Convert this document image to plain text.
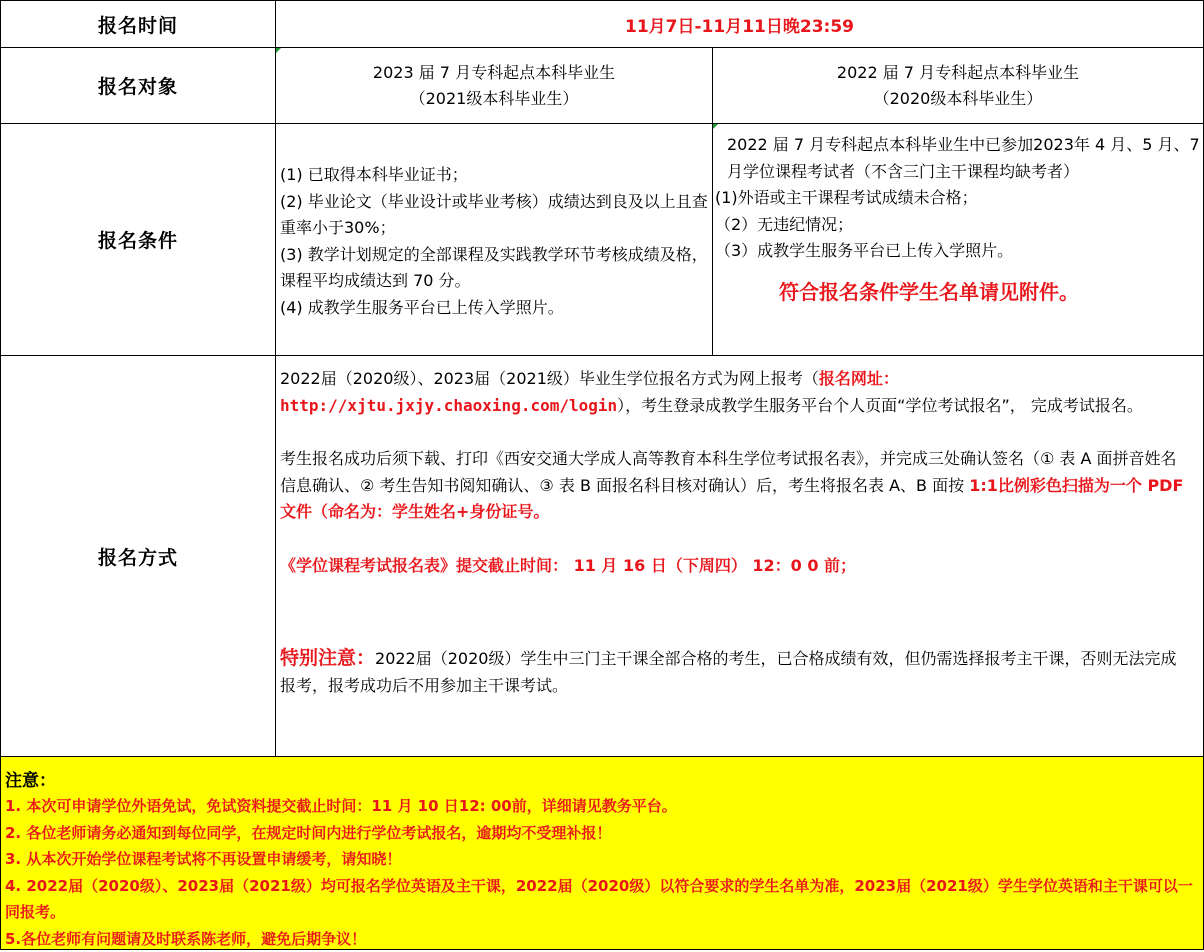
报名时间	11月7日-11月11日晚23:59
报名对象
2023 届 7 月专科起点本科毕业生
（2021级本科毕业生）
2022 届 7 月专科起点本科毕业生
（2020级本科毕业生）
报名条件
(1) 已取得本科毕业证书；
(2) 毕业论文（毕业设计或毕业考核）成绩达到良及以上且查重率小于30%；
(3) 教学计划规定的全部课程及实践教学环节考核成绩及格，课程平均成绩达到 70 分。
(4) 成教学生服务平台已上传入学照片。
2022 届 7 月专科起点本科毕业生中已参加2023年 4 月、5 月、7 月学位课程考试者（不含三门主干课程均缺考者）
(1)外语或主干课程考试成绩未合格；
（2）无违纪情况；
（3）成教学生服务平台已上传入学照片。
符合报名条件学生名单请见附件。
报名方式

2022届（2020级）、2023届（2021级）毕业生学位报名方式为网上报考（报名网址：
http://xjtu.jxjy.chaoxing.com/login），考生登录成教学生服务平台个人页面“学位考试报名”， 完成考试报名。

考生报名成功后须下载、打印《西安交通大学成人高等教育本科生学位考试报名表》，并完成三处确认签名（① 表 A 面拼音姓名信息确认、② 考生告知书阅知确认、③ 表 B 面报名科目核对确认）后，考生将报名表 A、B 面按 1:1比例彩色扫描为一个 PDF 文件（命名为：学生姓名+身份证号。

《学位课程考试报名表》提交截止时间： 11 月 16 日（下周四） 12：0 0 前；

特别注意：2022届（2020级）学生中三门主干课全部合格的考生，已合格成绩有效，但仍需选择报考主干课，否则无法完成报考，报考成功后不用参加主干课考试。

注意：
1. 本次可申请学位外语免试，免试资料提交截止时间：11 月 10 日12: 00前，详细请见教务平台。
2. 各位老师请务必通知到每位同学，在规定时间内进行学位考试报名，逾期均不受理补报！
3. 从本次开始学位课程考试将不再设置申请缓考，请知晓！
4. 2022届（2020级）、2023届（2021级）均可报名学位英语及主干课，2022届（2020级）以符合要求的学生名单为准，2023届（2021级）学生学位英语和主干课可以一同报考。
5.各位老师有问题请及时联系陈老师，避免后期争议！
